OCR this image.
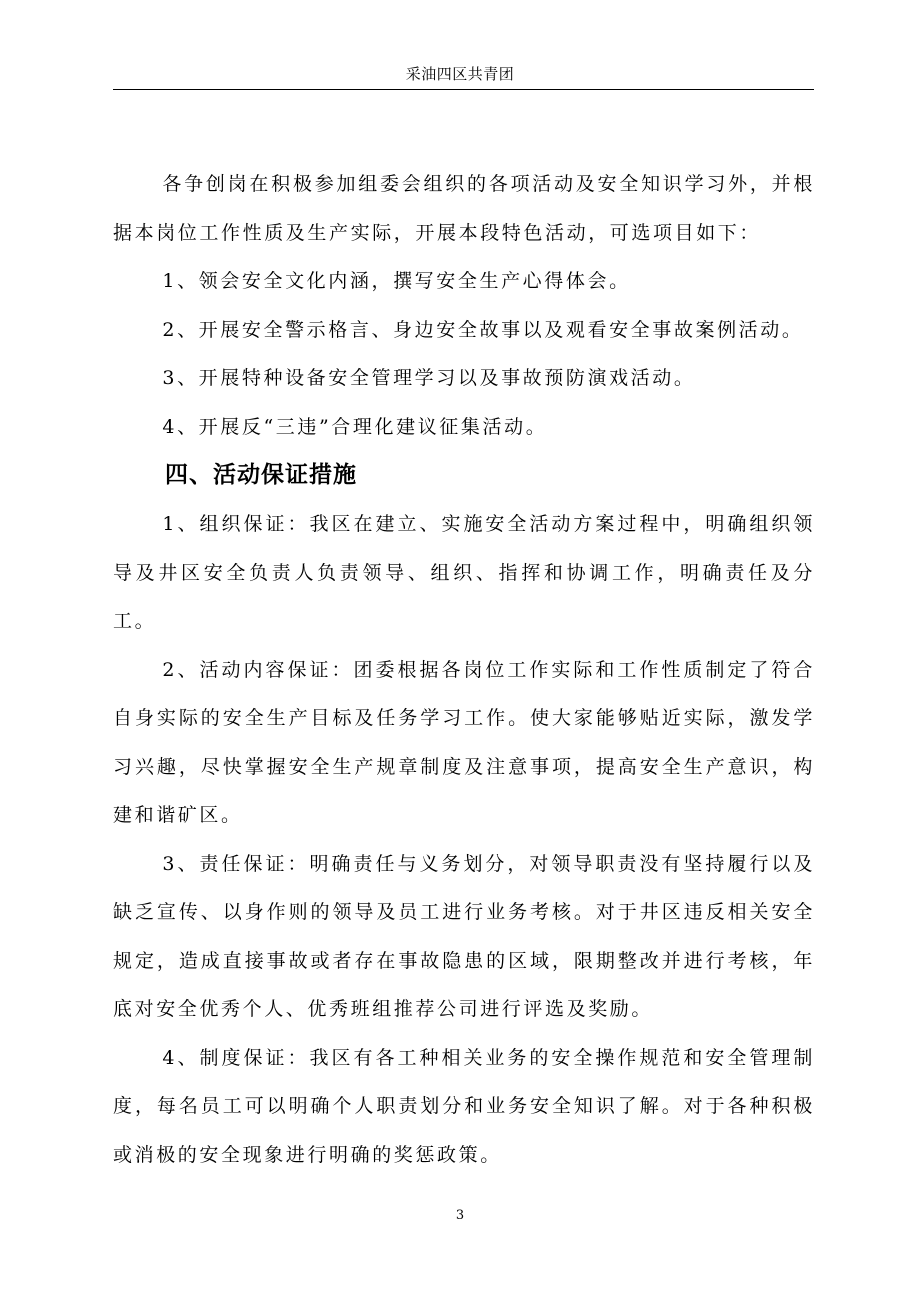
采油四区共青团

各争创岗在积极参加组委会组织的各项活动及安全知识学习外，并根据本岗位工作性质及生产实际，开展本段特色活动，可选项目如下：

1、领会安全文化内涵，撰写安全生产心得体会。

2、开展安全警示格言、身边安全故事以及观看安全事故案例活动。

3、开展特种设备安全管理学习以及事故预防演戏活动。

4、开展反“三违”合理化建议征集活动。

四、活动保证措施

1、组织保证：我区在建立、实施安全活动方案过程中，明确组织领导及井区安全负责人负责领导、组织、指挥和协调工作，明确责任及分工。

2、活动内容保证：团委根据各岗位工作实际和工作性质制定了符合自身实际的安全生产目标及任务学习工作。使大家能够贴近实际，激发学习兴趣，尽快掌握安全生产规章制度及注意事项，提高安全生产意识，构建和谐矿区。

3、责任保证：明确责任与义务划分，对领导职责没有坚持履行以及缺乏宣传、以身作则的领导及员工进行业务考核。对于井区违反相关安全规定，造成直接事故或者存在事故隐患的区域，限期整改并进行考核，年底对安全优秀个人、优秀班组推荐公司进行评选及奖励。

4、制度保证：我区有各工种相关业务的安全操作规范和安全管理制度，每名员工可以明确个人职责划分和业务安全知识了解。对于各种积极或消极的安全现象进行明确的奖惩政策。

3
